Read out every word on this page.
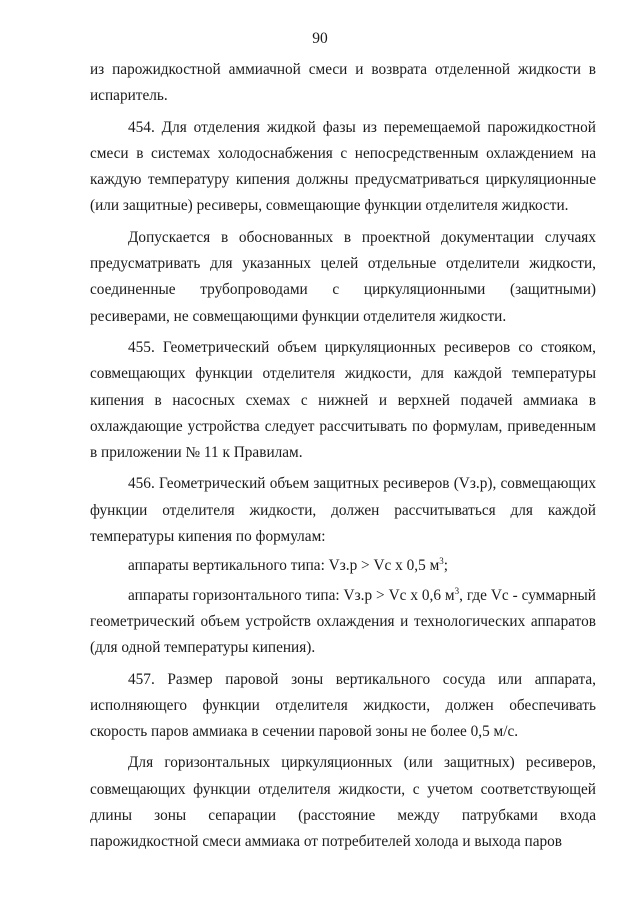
90

из парожидкостной аммиачной смеси и возврата отделенной жидкости в испаритель.

454. Для отделения жидкой фазы из перемещаемой парожидкостной смеси в системах холодоснабжения с непосредственным охлаждением на каждую температуру кипения должны предусматриваться циркуляционные (или защитные) ресиверы, совмещающие функции отделителя жидкости.

Допускается в обоснованных в проектной документации случаях предусматривать для указанных целей отдельные отделители жидкости, соединенные трубопроводами с циркуляционными (защитными) ресиверами, не совмещающими функции отделителя жидкости.

455. Геометрический объем циркуляционных ресиверов со стояком, совмещающих функции отделителя жидкости, для каждой температуры кипения в насосных схемах с нижней и верхней подачей аммиака в охлаждающие устройства следует рассчитывать по формулам, приведенным в приложении № 11 к Правилам.

456. Геометрический объем защитных ресиверов (Vз.р), совмещающих функции отделителя жидкости, должен рассчитываться для каждой температуры кипения по формулам:

аппараты вертикального типа: Vз.р > Vc x 0,5 $м^3$;

аппараты горизонтального типа: Vз.р > Vc x 0,6 $м^3$, где Vc - суммарный геометрический объем устройств охлаждения и технологических аппаратов (для одной температуры кипения).

457. Размер паровой зоны вертикального сосуда или аппарата, исполняющего функции отделителя жидкости, должен обеспечивать скорость паров аммиака в сечении паровой зоны не более 0,5 м/с.

Для горизонтальных циркуляционных (или защитных) ресиверов, совмещающих функции отделителя жидкости, с учетом соответствующей длины зоны сепарации (расстояние между патрубками входа парожидкостной смеси аммиака от потребителей холода и выхода паров
